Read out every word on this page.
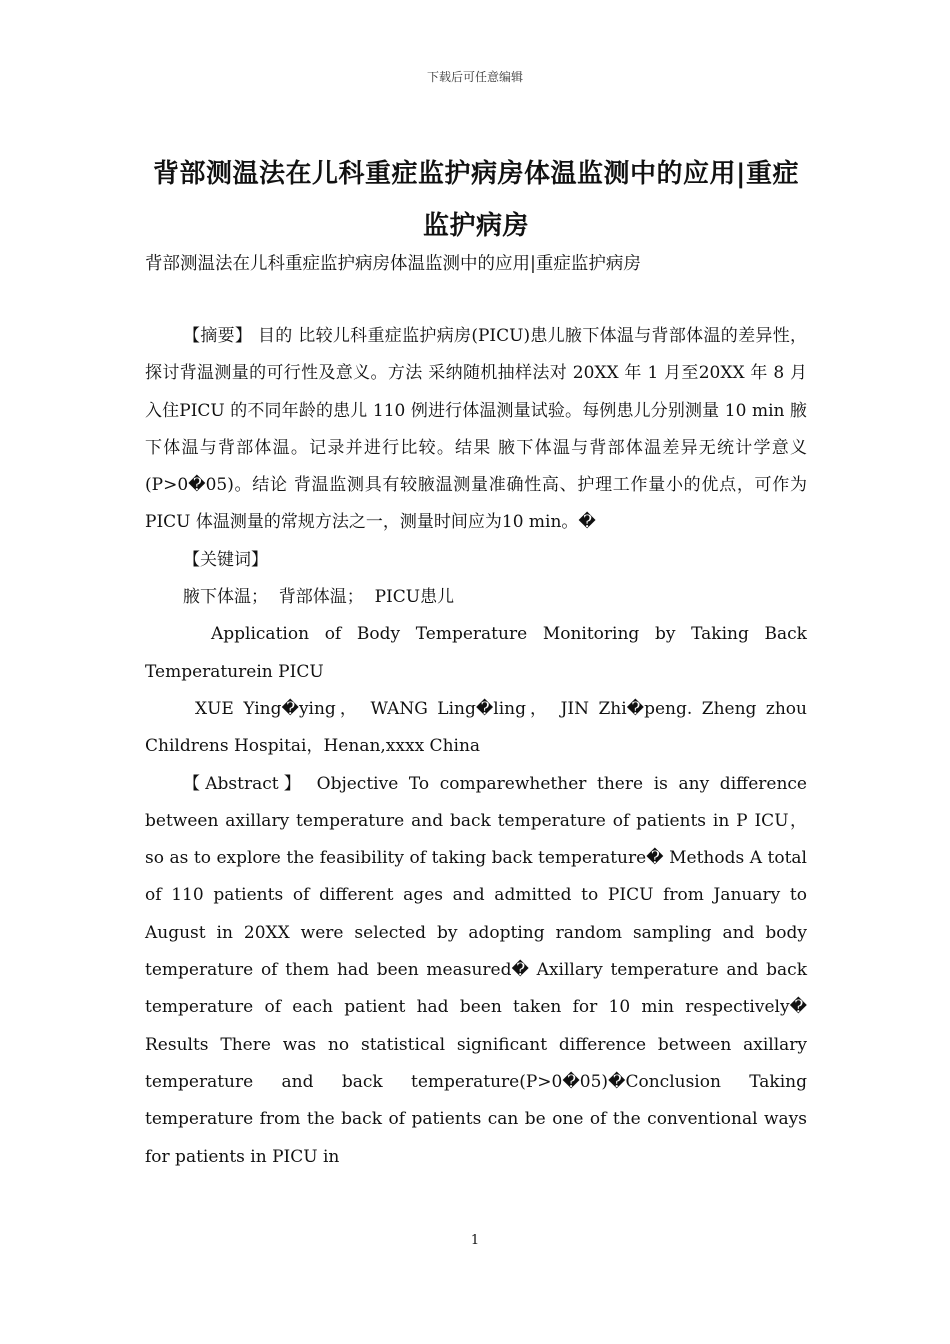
下载后可任意编辑
背部测温法在儿科重症监护病房体温监测中的应用|重症监护病房
背部测温法在儿科重症监护病房体温监测中的应用|重症监护病房

【摘要】 目的 比较儿科重症监护病房(PICU)患儿腋下体温与背部体温的差异性，探讨背温测量的可行性及意义。方法 采纳随机抽样法对 20XX 年 1 月至20XX 年 8 月入住PICU 的不同年龄的患儿 110 例进行体温测量试验。每例患儿分别测量 10 min 腋下体温与背部体温。记录并进行比较。结果 腋下体温与背部体温差异无统计学意义(P>0�05)。结论 背温监测具有较腋温测量准确性高、护理工作量小的优点，可作为 PICU 体温测量的常规方法之一，测量时间应为10 min。�

【关键词】

腋下体温；  背部体温；  PICU患儿

Application of Body Temperature Monitoring by Taking Back Temperaturein PICU

XUE Ying�ying， WANG Ling�ling， JIN Zhi�peng. Zheng zhou Childrens Hospitai，Henan,xxxx China

【Abstract】 Objective To comparewhether there is any difference between axillary temperature and back temperature of patients in P ICU，so as to explore the feasibility of taking back temperature� Methods A total of 110 patients of different ages and admitted to PICU from January to August in 20XX were selected by adopting random sampling and body temperature of them had been measured� Axillary temperature and back temperature of each patient had been taken for 10 min respectively� Results There was no statistical significant difference between axillary temperature and back temperature(P>0�05)�Conclusion Taking temperature from the back of patients can be one of the conventional ways for patients in PICU in

1
